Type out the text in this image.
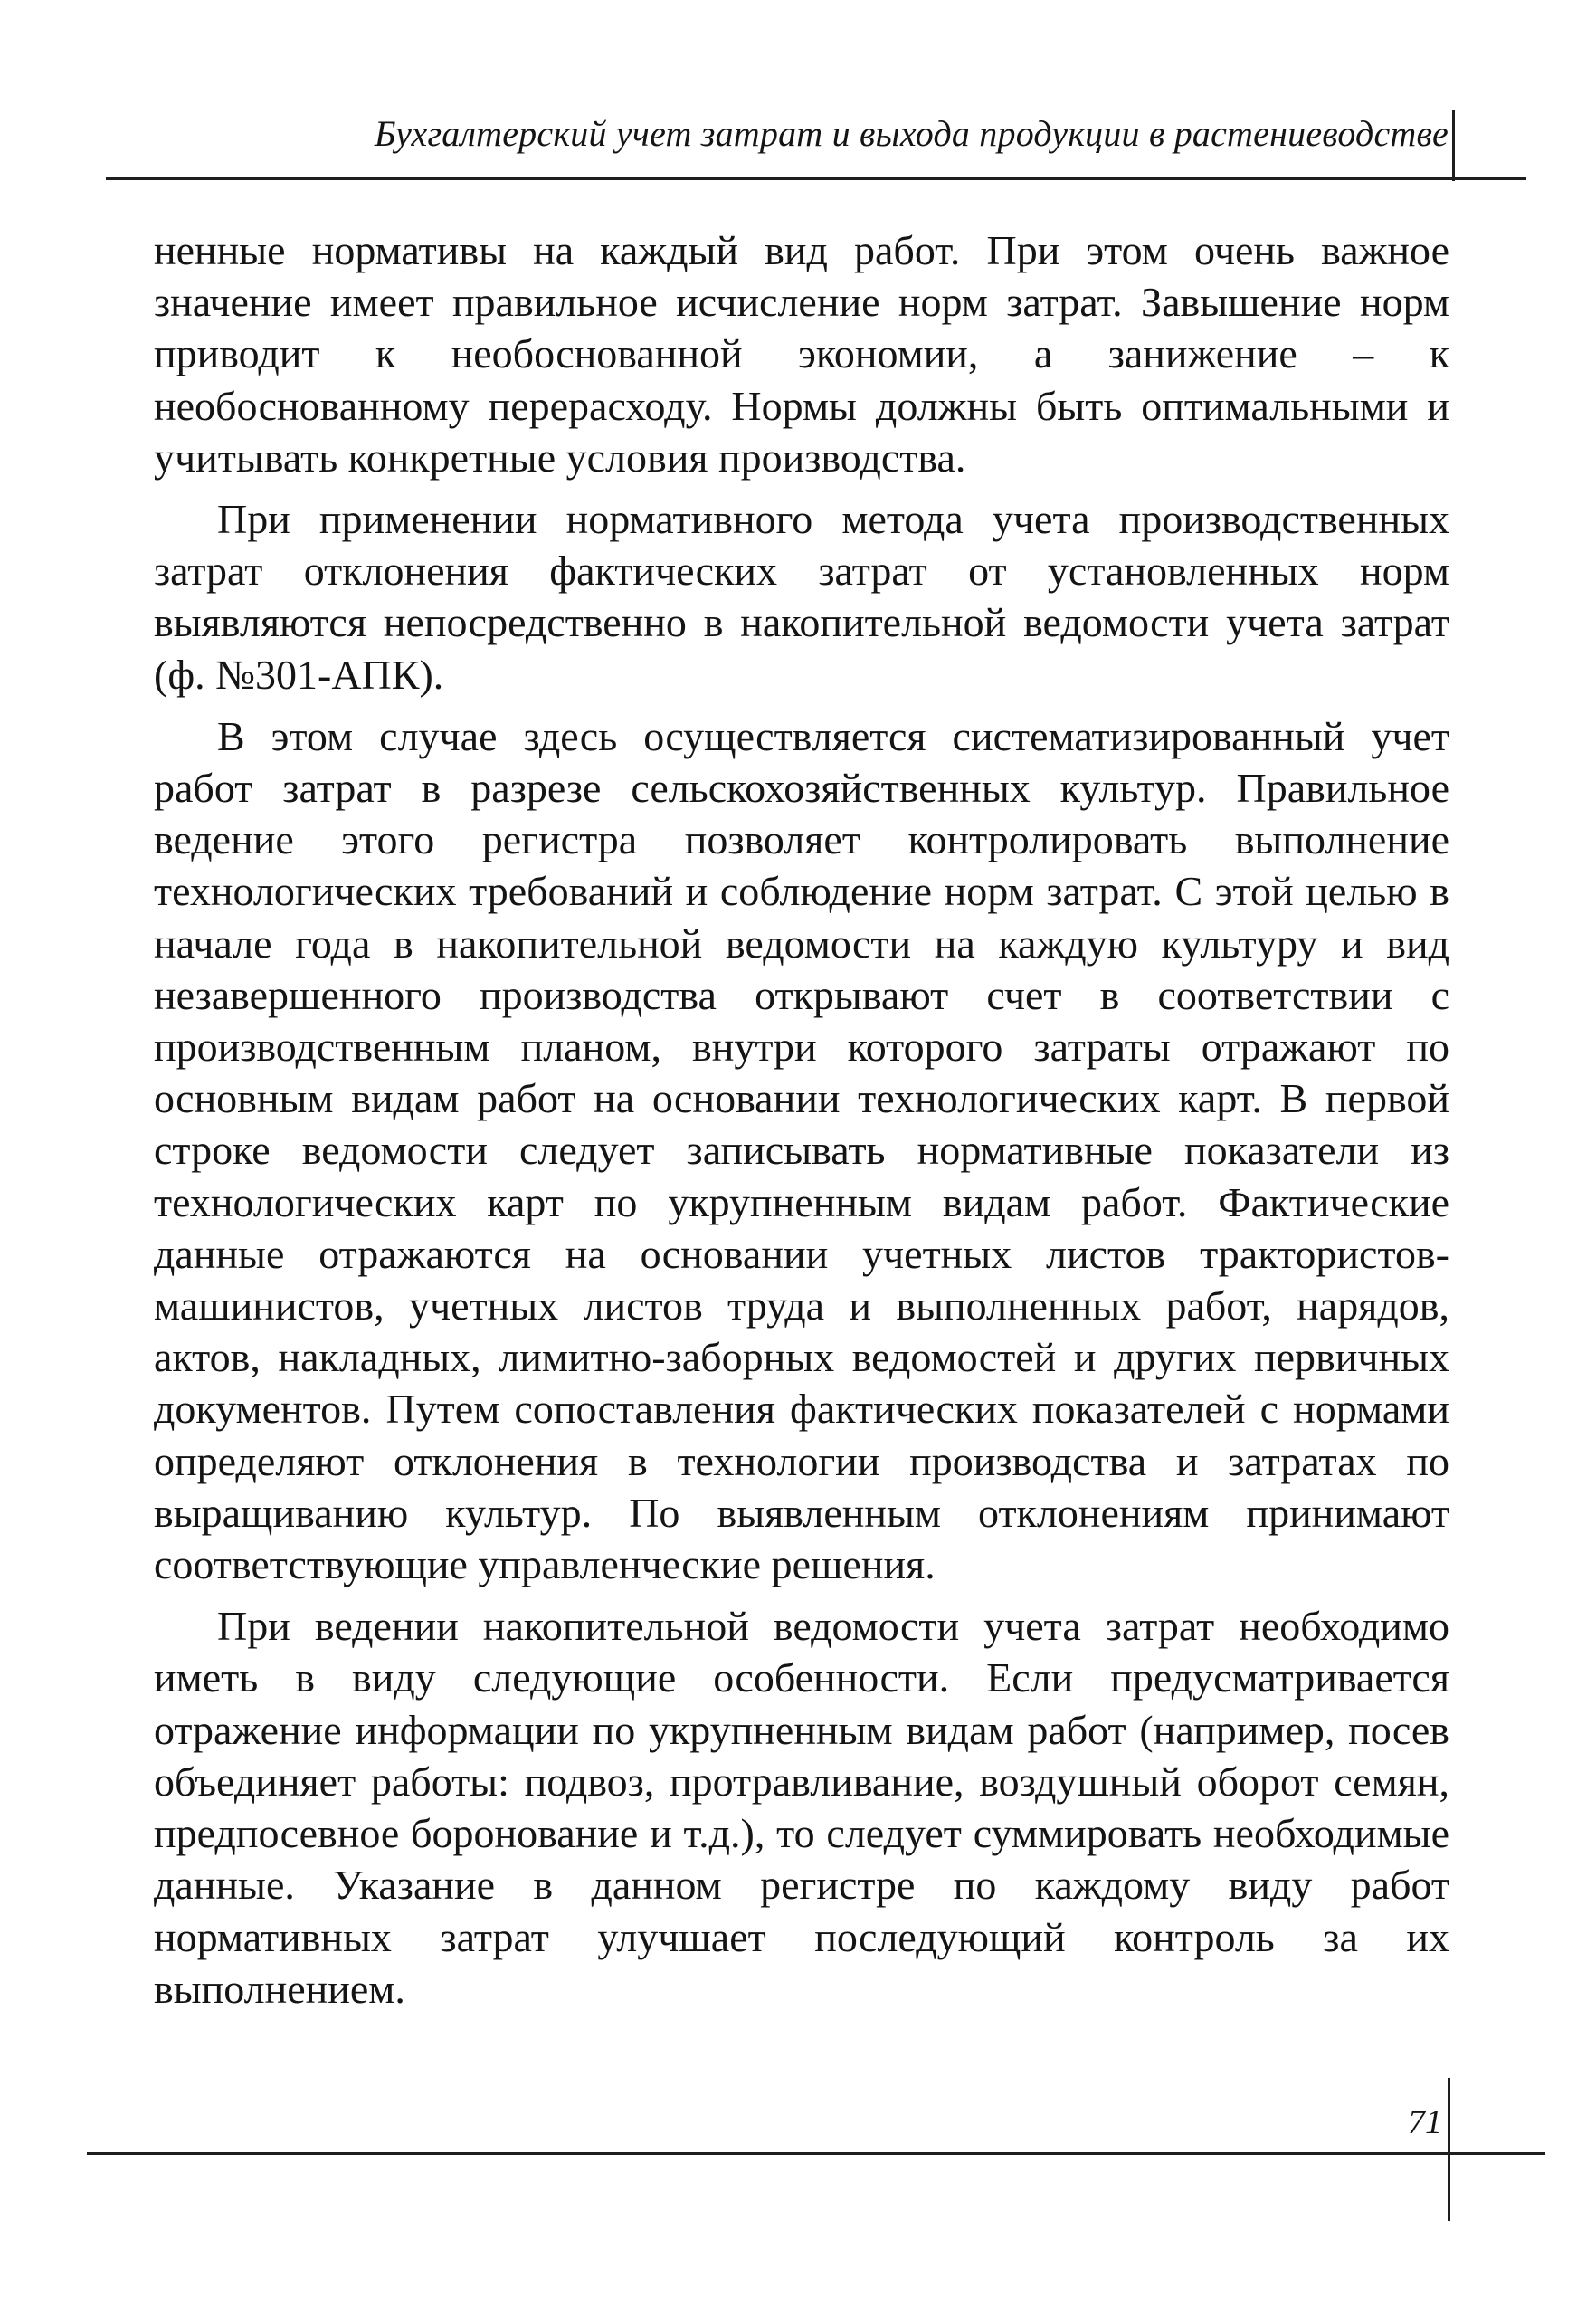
Бухгалтерский учет затрат и выхода продукции в растениеводстве

ненные нормативы на каждый вид работ. При этом очень важное значение имеет правильное исчисление норм затрат. Завышение норм приводит к необоснованной экономии, а занижение – к необоснованному перерасходу. Нормы должны быть оптимальными и учитывать конкретные условия производства.

При применении нормативного метода учета производственных затрат отклонения фактических затрат от установленных норм выявляются непосредственно в накопительной ведомости учета затрат (ф. №301-АПК).

В этом случае здесь осуществляется систематизированный учет работ затрат в разрезе сельскохозяйственных культур. Правильное ведение этого регистра позволяет контролировать выполнение технологических требований и соблюдение норм затрат. С этой целью в начале года в накопительной ведомости на каждую культуру и вид незавершенного производства открывают счет в соответствии с производственным планом, внутри которого затраты отражают по основным видам работ на основании технологических карт. В первой строке ведомости следует записывать нормативные показатели из технологических карт по укрупненным видам работ. Фактические данные отражаются на основании учетных листов трактористов-машинистов, учетных листов труда и выполненных работ, нарядов, актов, накладных, лимитно-заборных ведомостей и других первичных документов. Путем сопоставления фактических показателей с нормами определяют отклонения в технологии производства и затратах по выращиванию культур. По выявленным отклонениям принимают соответствующие управленческие решения.

При ведении накопительной ведомости учета затрат необходимо иметь в виду следующие особенности. Если предусматривается отражение информации по укрупненным видам работ (например, посев объединяет работы: подвоз, протравливание, воздушный оборот семян, предпосевное боронование и т.д.), то следует суммировать необходимые данные. Указание в данном регистре по каждому виду работ нормативных затрат улучшает последующий контроль за их выполнением.

71
